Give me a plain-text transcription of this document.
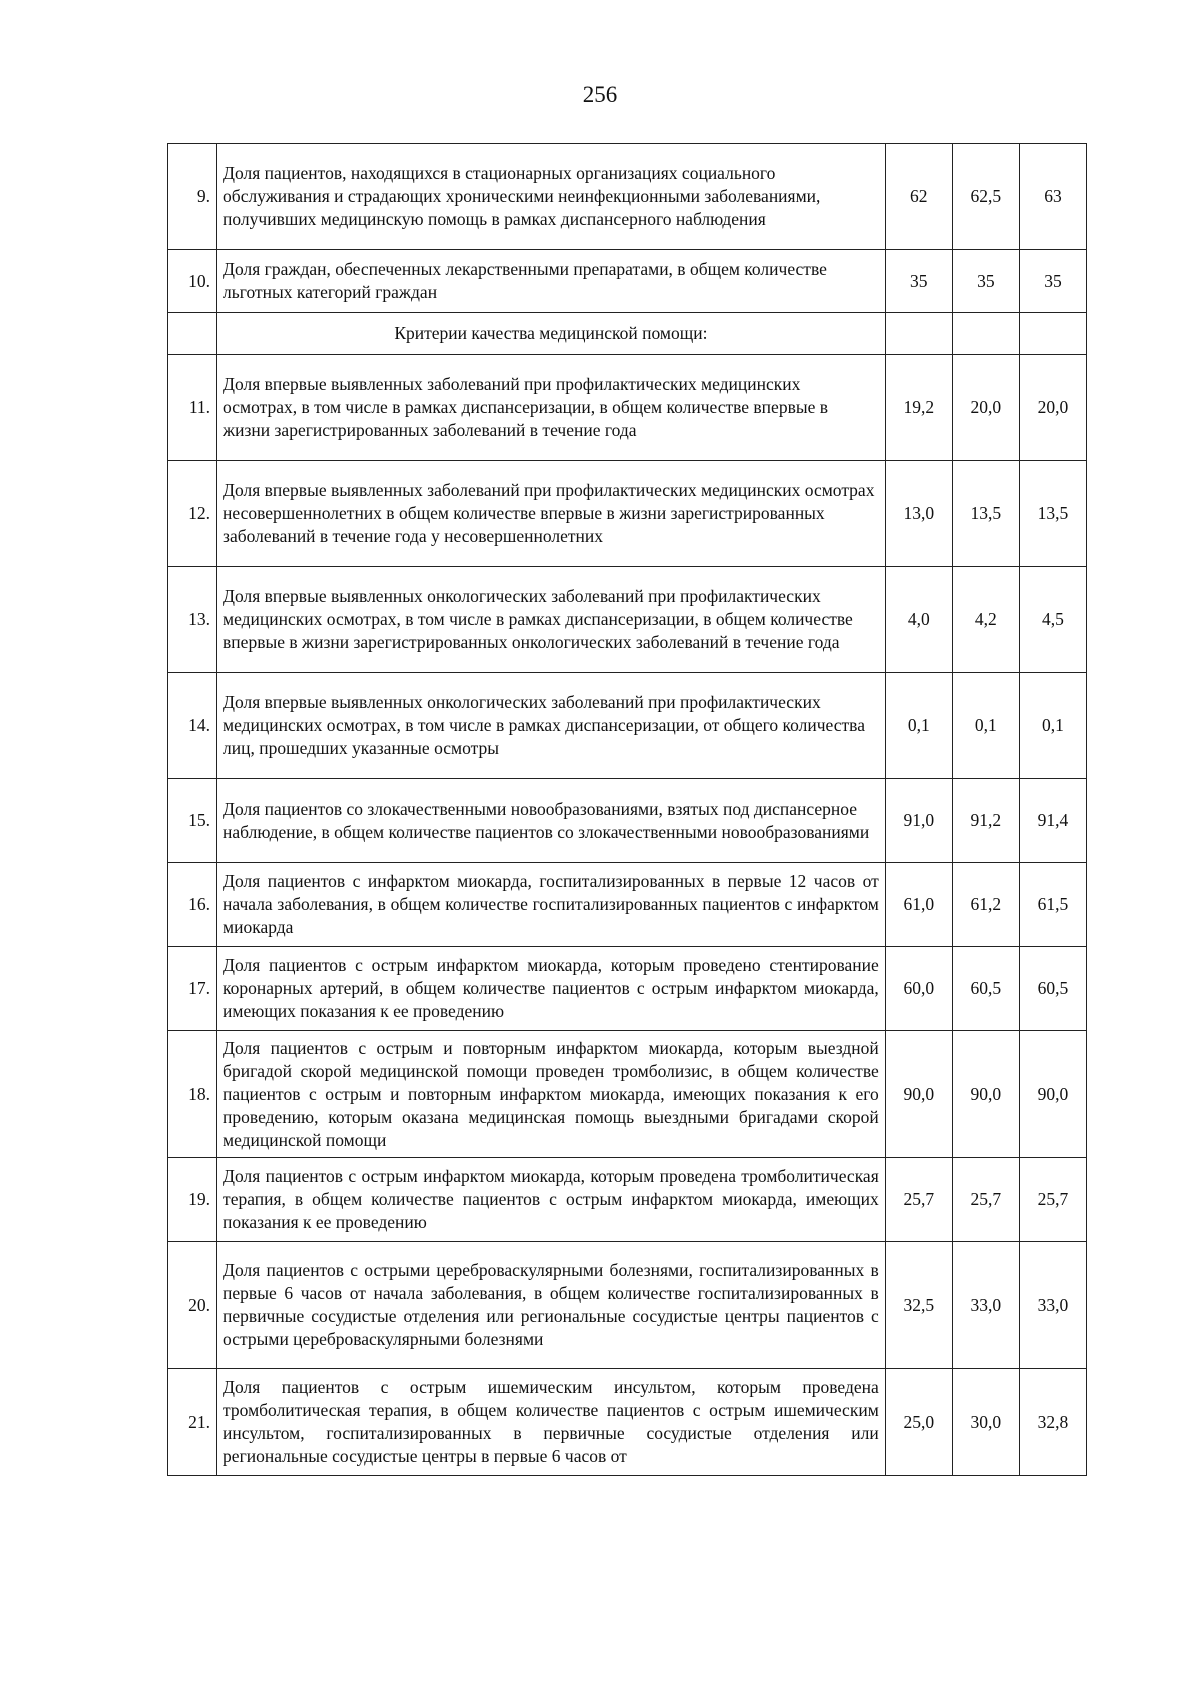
256
9.	Доля пациентов, находящихся в стационарных организациях социального обслуживания и страдающих хроническими неинфекционными заболеваниями, получивших медицинскую помощь в рамках диспансерного наблюдения	62	62,5	63
10.	Доля граждан, обеспеченных лекарственными препаратами, в общем количестве льготных категорий граждан	35	35	35
	Критерии качества медицинской помощи:			
11.	Доля впервые выявленных заболеваний при профилактических медицинских осмотрах, в том числе в рамках диспансеризации, в общем количестве впервые в жизни зарегистрированных заболеваний в течение года	19,2	20,0	20,0
12.	Доля впервые выявленных заболеваний при профилактических медицинских осмотрах несовершеннолетних в общем количестве впервые в жизни зарегистрированных заболеваний в течение года у несовершеннолетних	13,0	13,5	13,5
13.	Доля впервые выявленных онкологических заболеваний при профилактических медицинских осмотрах, в том числе в рамках диспансеризации, в общем количестве впервые в жизни зарегистрированных онкологических заболеваний в течение года	4,0	4,2	4,5
14.	Доля впервые выявленных онкологических заболеваний при профилактических медицинских осмотрах, в том числе в рамках диспансеризации, от общего количества лиц, прошедших указанные осмотры	0,1	0,1	0,1
15.	Доля пациентов со злокачественными новообразованиями, взятых под диспансерное наблюдение, в общем количестве пациентов со злокачественными новообразованиями	91,0	91,2	91,4
16.	Доля пациентов с инфарктом миокарда, госпитализированных в первые 12 часов от начала заболевания, в общем количестве госпитализированных пациентов с инфарктом миокарда	61,0	61,2	61,5
17.	Доля пациентов с острым инфарктом миокарда, которым проведено стентирование коронарных артерий, в общем количестве пациентов с острым инфарктом миокарда, имеющих показания к ее проведению	60,0	60,5	60,5
18.	Доля пациентов с острым и повторным инфарктом миокарда, которым выездной бригадой скорой медицинской помощи проведен тромболизис, в общем количестве пациентов с острым и повторным инфарктом миокарда, имеющих показания к его проведению, которым оказана медицинская помощь выездными бригадами скорой медицинской помощи	90,0	90,0	90,0
19.	Доля пациентов с острым инфарктом миокарда, которым проведена тромболитическая терапия, в общем количестве пациентов с острым инфарктом миокарда, имеющих показания к ее проведению	25,7	25,7	25,7
20.	Доля пациентов с острыми цереброваскулярными болезнями, госпитализированных в первые 6 часов от начала заболевания, в общем количестве госпитализированных в первичные сосудистые отделения или региональные сосудистые центры пациентов с острыми цереброваскулярными болезнями	32,5	33,0	33,0
21.	Доля пациентов с острым ишемическим инсультом, которым проведена тромболитическая терапия, в общем количестве пациентов с острым ишемическим инсультом, госпитализированных в первичные сосудистые отделения или региональные сосудистые центры в первые 6 часов от	25,0	30,0	32,8
